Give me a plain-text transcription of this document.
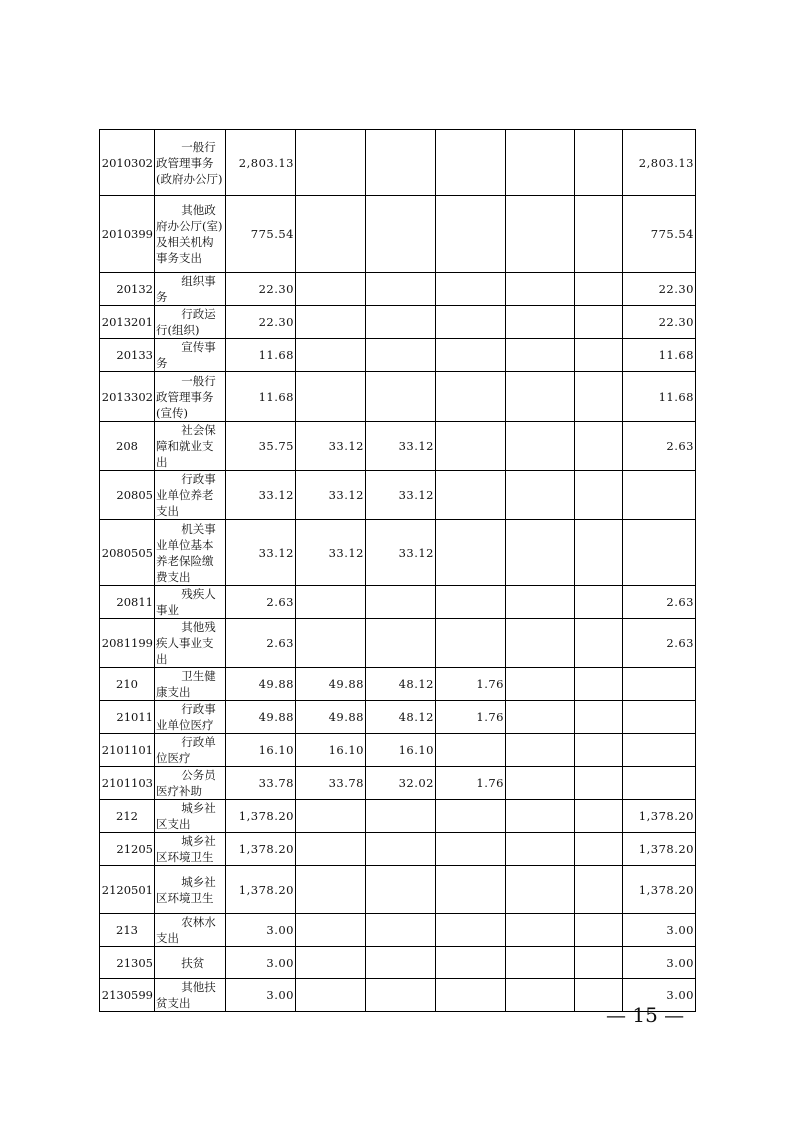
2010302	一般行政管理事务(政府办公厅)	2,803.13						2,803.13
2010399	其他政府办公厅(室)及相关机构事务支出	775.54						775.54
20132	组织事务	22.30						22.30
2013201	行政运行(组织)	22.30						22.30
20133	宣传事务	11.68						11.68
2013302	一般行政管理事务(宣传)	11.68						11.68
208	社会保障和就业支出	35.75	33.12	33.12				2.63
20805	行政事业单位养老支出	33.12	33.12	33.12				
2080505	机关事业单位基本养老保险缴费支出	33.12	33.12	33.12				
20811	残疾人事业	2.63						2.63
2081199	其他残疾人事业支出	2.63						2.63
210	卫生健康支出	49.88	49.88	48.12	1.76			
21011	行政事业单位医疗	49.88	49.88	48.12	1.76			
2101101	行政单位医疗	16.10	16.10	16.10				
2101103	公务员医疗补助	33.78	33.78	32.02	1.76			
212	城乡社区支出	1,378.20						1,378.20
21205	城乡社区环境卫生	1,378.20						1,378.20
2120501	城乡社区环境卫生	1,378.20						1,378.20
213	农林水支出	3.00						3.00
21305	扶贫	3.00						3.00
2130599	其他扶贫支出	3.00						3.00
— 15 —
